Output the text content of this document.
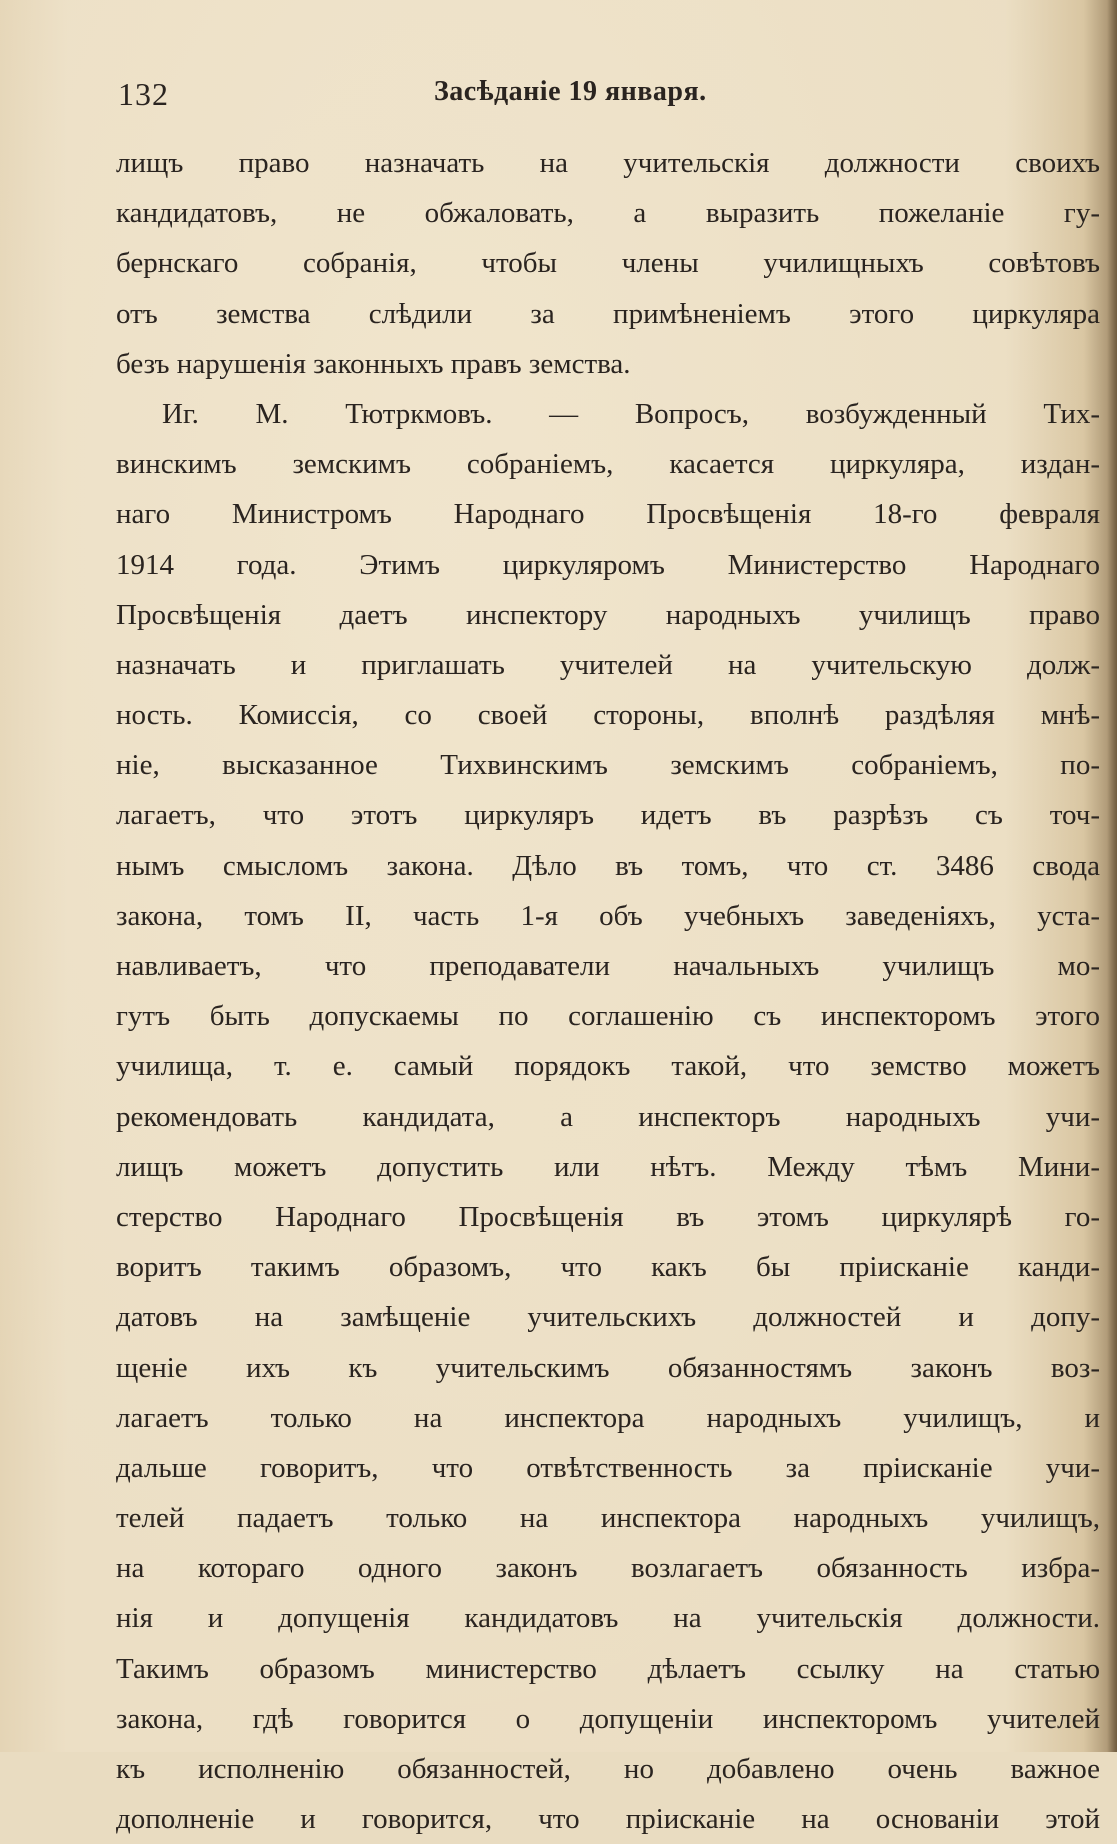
132	Засѣданіе 19 января.
лищъ право назначать на учительскія должности своихъ
кандидатовъ, не обжаловать, а выразить пожеланіе гу-
бернскаго собранія, чтобы члены училищныхъ совѣтовъ
отъ земства слѣдили за примѣненіемъ этого циркуляра
безъ нарушенія законныхъ правъ земства.
Иг. М. Тютркмовъ. — Вопросъ, возбужденный Тих-
винскимъ земскимъ собраніемъ, касается циркуляра, издан-
наго Министромъ Народнаго Просвѣщенія 18-го февраля
1914 года. Этимъ циркуляромъ Министерство Народнаго
Просвѣщенія даетъ инспектору народныхъ училищъ право
назначать и приглашать учителей на учительскую долж-
ность. Комиссія, со своей стороны, вполнѣ раздѣляя мнѣ-
ніе, высказанное Тихвинскимъ земскимъ собраніемъ, по-
лагаетъ, что этотъ циркуляръ идетъ въ разрѣзъ съ точ-
нымъ смысломъ закона. Дѣло въ томъ, что ст. 3486 свода
закона, томъ II, часть 1-я объ учебныхъ заведеніяхъ, уста-
навливаетъ, что преподаватели начальныхъ училищъ мо-
гутъ быть допускаемы по соглашенію съ инспекторомъ этого
училища, т. е. самый порядокъ такой, что земство можетъ
рекомендовать кандидата, а инспекторъ народныхъ учи-
лищъ можетъ допустить или нѣтъ. Между тѣмъ Мини-
стерство Народнаго Просвѣщенія въ этомъ циркулярѣ го-
воритъ такимъ образомъ, что какъ бы пріисканіе канди-
датовъ на замѣщеніе учительскихъ должностей и допу-
щеніе ихъ къ учительскимъ обязанностямъ законъ воз-
лагаетъ только на инспектора народныхъ училищъ, и
дальше говоритъ, что отвѣтственность за пріисканіе учи-
телей падаетъ только на инспектора народныхъ училищъ,
на котораго одного законъ возлагаетъ обязанность избра-
нія и допущенія кандидатовъ на учительскія должности.
Такимъ образомъ министерство дѣлаетъ ссылку на статью
закона, гдѣ говорится о допущеніи инспекторомъ учителей
къ исполненію обязанностей, но добавлено очень важное
дополненіе и говорится, что пріисканіе на основаніи этой
